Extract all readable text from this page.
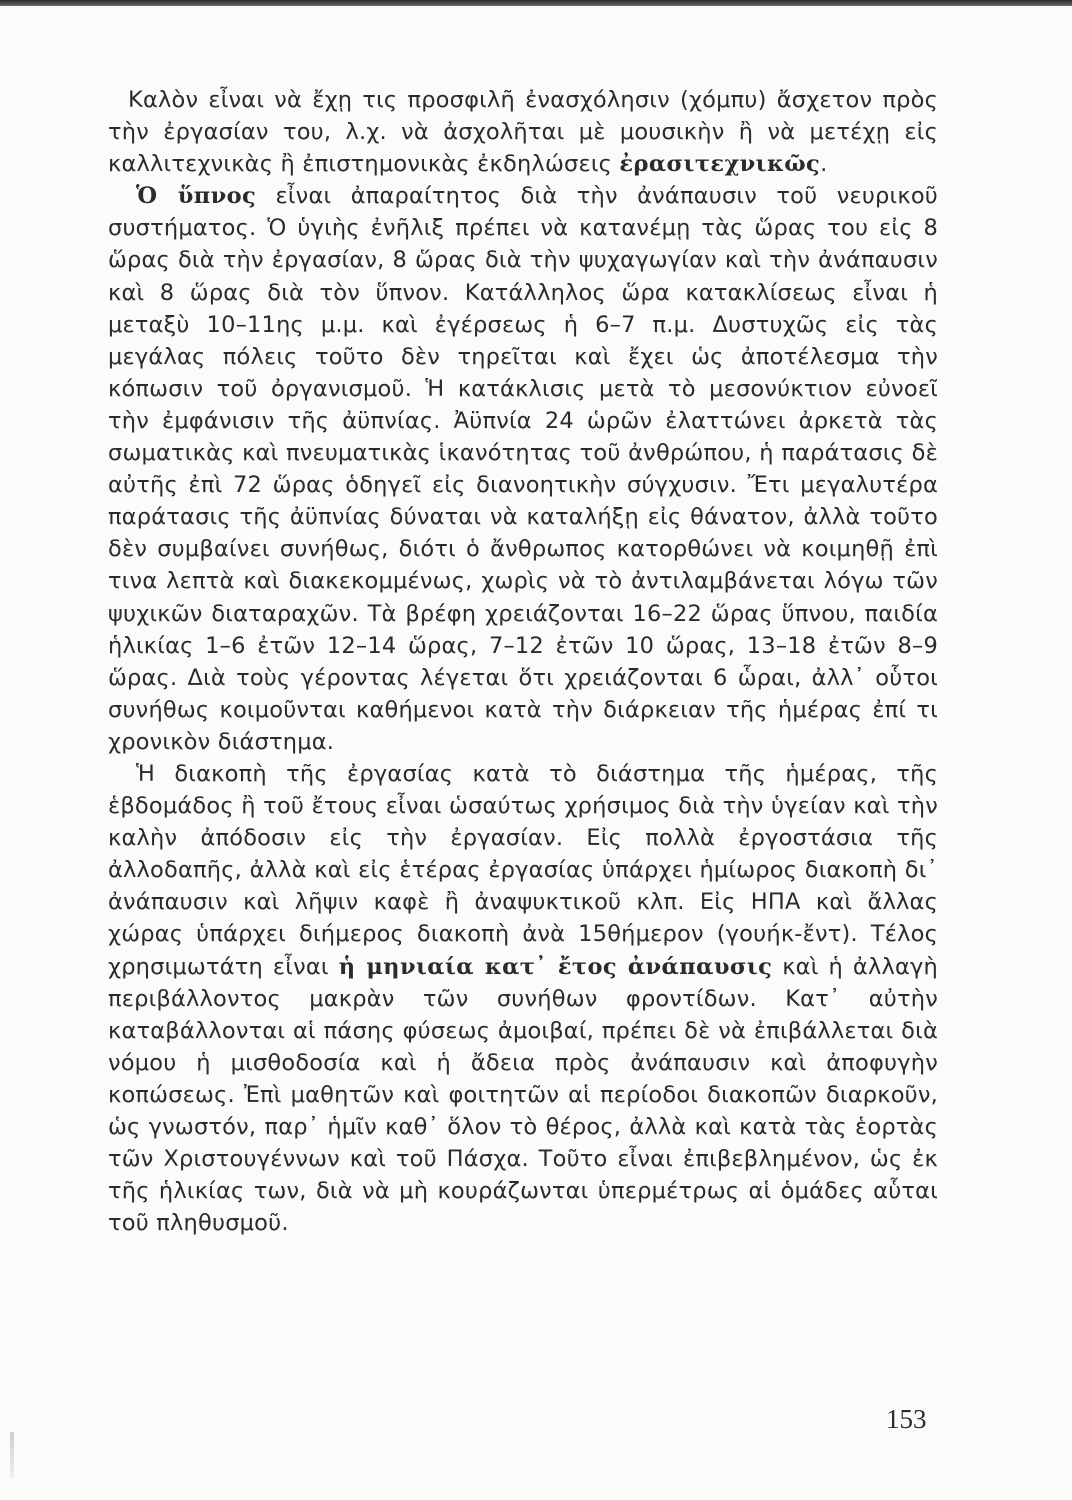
Καλὸν εἶναι νὰ ἔχῃ τις προσφιλῆ ἐνασχόλησιν (χόμπυ) ἄσχετον πρὸς τὴν ἐργασίαν του, λ.χ. νὰ ἀσχολῆται μὲ μουσικὴν ἢ νὰ μετέχῃ εἰς καλλιτεχνικὰς ἢ ἐπιστημονικὰς ἐκδηλώσεις ἐρασιτεχνικῶς.

Ὁ ὕπνος εἶναι ἀπαραίτητος διὰ τὴν ἀνάπαυσιν τοῦ νευρικοῦ συστήματος. Ὁ ὑγιὴς ἐνῆλιξ πρέπει νὰ κατανέμῃ τὰς ὥρας του εἰς 8 ὥρας διὰ τὴν ἐργασίαν, 8 ὥρας διὰ τὴν ψυχαγωγίαν καὶ τὴν ἀνάπαυσιν καὶ 8 ὥρας διὰ τὸν ὕπνον. Κατάλληλος ὥρα κατακλίσεως εἶναι ἡ μεταξὺ 10–11ης μ.μ. καὶ ἐγέρσεως ἡ 6–7 π.μ. Δυστυχῶς εἰς τὰς μεγάλας πόλεις τοῦτο δὲν τηρεῖται καὶ ἔχει ὡς ἀποτέλεσμα τὴν κόπωσιν τοῦ ὀργανισμοῦ. Ἡ κατάκλισις μετὰ τὸ μεσονύκτιον εὐνοεῖ τὴν ἐμφάνισιν τῆς ἀϋπνίας. Ἀϋπνία 24 ὡρῶν ἐλαττώνει ἀρκετὰ τὰς σωματικὰς καὶ πνευματικὰς ἱκανότητας τοῦ ἀνθρώπου, ἡ παράτασις δὲ αὐτῆς ἐπὶ 72 ὥρας ὁδηγεῖ εἰς διανοητικὴν σύγχυσιν. Ἔτι μεγαλυτέρα παράτασις τῆς ἀϋπνίας δύναται νὰ καταλήξῃ εἰς θάνατον, ἀλλὰ τοῦτο δὲν συμβαίνει συνήθως, διότι ὁ ἄνθρωπος κατορθώνει νὰ κοιμηθῇ ἐπὶ τινα λεπτὰ καὶ διακεκομμένως, χωρὶς νὰ τὸ ἀντιλαμβάνεται λόγω τῶν ψυχικῶν διαταραχῶν. Τὰ βρέφη χρειάζονται 16–22 ὥρας ὕπνου, παιδία ἡλικίας 1–6 ἐτῶν 12–14 ὥρας, 7–12 ἐτῶν 10 ὥρας, 13–18 ἐτῶν 8–9 ὥρας. Διὰ τοὺς γέροντας λέγεται ὅτι χρειάζονται 6 ὧραι, ἀλλ᾽ οὗτοι συνήθως κοιμοῦνται καθήμενοι κατὰ τὴν διάρκειαν τῆς ἡμέρας ἐπί τι χρονικὸν διάστημα.

Ἡ διακοπὴ τῆς ἐργασίας κατὰ τὸ διάστημα τῆς ἡμέρας, τῆς ἑβδομάδος ἢ τοῦ ἔτους εἶναι ὡσαύτως χρήσιμος διὰ τὴν ὑγείαν καὶ τὴν καλὴν ἀπόδοσιν εἰς τὴν ἐργασίαν. Εἰς πολλὰ ἐργοστάσια τῆς ἀλλοδαπῆς, ἀλλὰ καὶ εἰς ἑτέρας ἐργασίας ὑπάρχει ἡμίωρος διακοπὴ δι᾽ ἀνάπαυσιν καὶ λῆψιν καφὲ ἢ ἀναψυκτικοῦ κλπ. Εἰς ΗΠΑ καὶ ἄλλας χώρας ὑπάρχει διήμερος διακοπὴ ἀνὰ 15θήμερον (γουήκ-ἔντ). Τέλος χρησιμωτάτη εἶναι ἡ μηνιαία κατ᾽ ἔτος ἀνάπαυσις καὶ ἡ ἀλλαγὴ περιβάλλοντος μακρὰν τῶν συνήθων φροντίδων. Κατ᾽ αὐτὴν καταβάλλονται αἱ πάσης φύσεως ἀμοιβαί, πρέπει δὲ νὰ ἐπιβάλλεται διὰ νόμου ἡ μισθοδοσία καὶ ἡ ἄδεια πρὸς ἀνάπαυσιν καὶ ἀποφυγὴν κοπώσεως. Ἐπὶ μαθητῶν καὶ φοιτητῶν αἱ περίοδοι διακοπῶν διαρκοῦν, ὡς γνωστόν, παρ᾽ ἡμῖν καθ᾽ ὅλον τὸ θέρος, ἀλλὰ καὶ κατὰ τὰς ἑορτὰς τῶν Χριστουγέννων καὶ τοῦ Πάσχα. Τοῦτο εἶναι ἐπιβεβλημένον, ὡς ἐκ τῆς ἡλικίας των, διὰ νὰ μὴ κουράζωνται ὑπερμέτρως αἱ ὁμάδες αὗται τοῦ πληθυσμοῦ.

153
